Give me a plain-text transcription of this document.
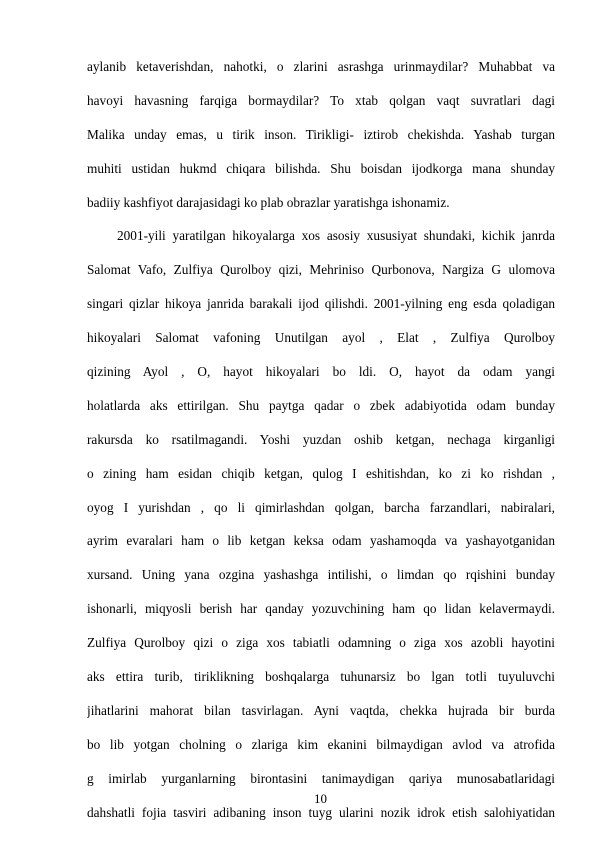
aylanib ketaverishdan, nahotki, o zlarini asrashga urinmaydilar? Muhabbat va
havoyi havasning farqiga bormaydilar? To xtab qolgan vaqt suvratlari dagi
Malika unday emas, u tirik inson. Tirikligi- iztirob chekishda. Yashab turgan
muhiti ustidan hukmd chiqara bilishda. Shu boisdan ijodkorga mana shunday
badiiy kashfiyot darajasidagi ko plab obrazlar yaratishga ishonamiz.
2001-yili yaratilgan hikoyalarga xos asosiy xususiyat shundaki, kichik janrda
Salomat Vafo, Zulfiya Qurolboy qizi, Mehriniso Qurbonova, Nargiza G ulomova
singari qizlar hikoya janrida barakali ijod qilishdi. 2001-yilning eng esda qoladigan
hikoyalari Salomat vafoning Unutilgan ayol , Elat , Zulfiya Qurolboy
qizining Ayol , O, hayot hikoyalari bo ldi. O, hayot da odam yangi
holatlarda aks ettirilgan. Shu paytga qadar o zbek adabiyotida odam bunday
rakursda ko rsatilmagandi. Yoshi yuzdan oshib ketgan, nechaga kirganligi
o zining ham esidan chiqib ketgan, qulog I eshitishdan, ko zi ko rishdan ,
oyog I yurishdan , qo li qimirlashdan qolgan, barcha farzandlari, nabiralari,
ayrim evaralari ham o lib ketgan keksa odam yashamoqda va yashayotganidan
xursand. Uning yana ozgina yashashga intilishi, o limdan qo rqishini bunday
ishonarli, miqyosli berish har qanday yozuvchining ham qo lidan kelavermaydi.
Zulfiya Qurolboy qizi o ziga xos tabiatli odamning o ziga xos azobli hayotini
aks ettira turib, tiriklikning boshqalarga tuhunarsiz bo lgan totli tuyuluvchi
jihatlarini mahorat bilan tasvirlagan. Ayni vaqtda, chekka hujrada bir burda
bo lib yotgan cholning o zlariga kim ekanini bilmaydigan avlod va atrofida
g imirlab yurganlarning birontasini tanimaydigan qariya munosabatlaridagi
dahshatli fojia tasviri adibaning inson tuyg ularini nozik idrok etish salohiyatidan
10
